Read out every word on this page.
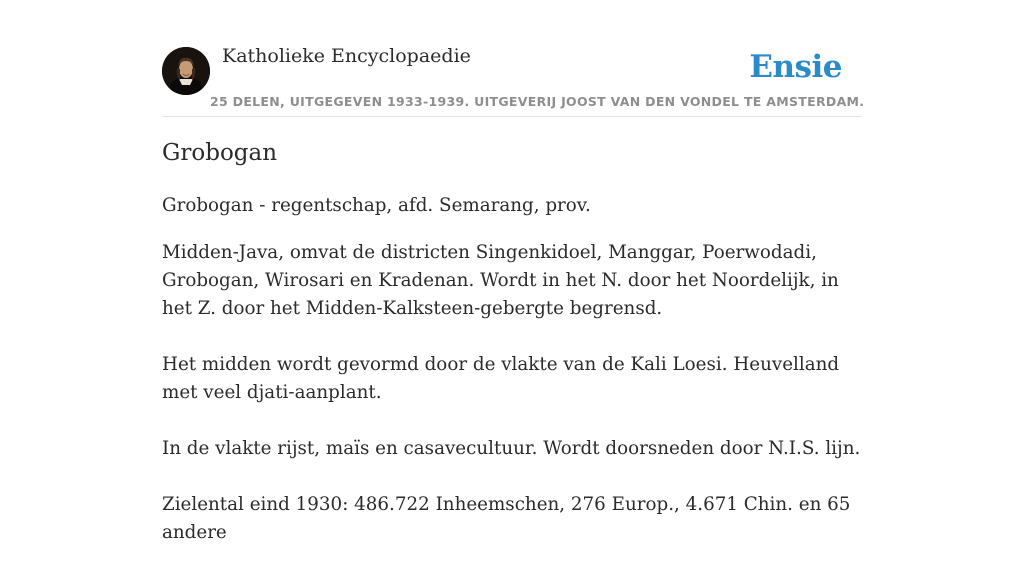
Katholieke Encyclopaedie	Ensie
25 DELEN, UITGEGEVEN 1933-1939. UITGEVERIJ JOOST VAN DEN VONDEL TE AMSTERDAM.
Grobogan

Grobogan - regentschap, afd. Semarang, prov.

Midden-Java, omvat de districten Singenkidoel, Manggar, Poerwodadi, Grobogan, Wirosari en Kradenan. Wordt in het N. door het Noordelijk, in het Z. door het Midden-Kalksteen-gebergte begrensd.

Het midden wordt gevormd door de vlakte van de Kali Loesi. Heuvelland met veel djati-aanplant.

In de vlakte rijst, maïs en casavecultuur. Wordt doorsneden door N.I.S. lijn.

Zielental eind 1930: 486.722 Inheemschen, 276 Europ., 4.671 Chin. en 65 andere
